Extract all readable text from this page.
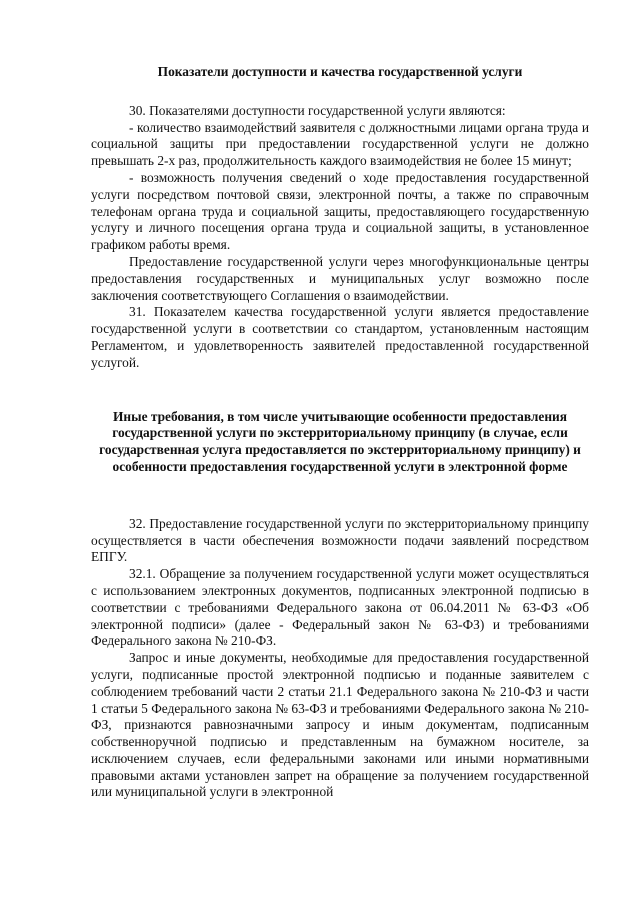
Показатели доступности и качества государственной услуги

30. Показателями доступности государственной услуги являются:

- количество взаимодействий заявителя с должностными лицами органа труда и социальной защиты при предоставлении государственной услуги не должно превышать 2-х раз, продолжительность каждого взаимодействия не более 15 минут;

- возможность получения сведений о ходе предоставления государственной услуги посредством почтовой связи, электронной почты, а также по справочным телефонам органа труда и социальной защиты, предоставляющего государственную услугу и личного посещения органа труда и социальной защиты, в установленное графиком работы время.

Предоставление государственной услуги через многофункциональные центры предоставления государственных и муниципальных услуг возможно после заключения соответствующего Соглашения о взаимодействии.

31. Показателем качества государственной услуги является предоставление государственной услуги в соответствии со стандартом, установленным настоящим Регламентом, и удовлетворенность заявителей предоставленной государственной услугой.

Иные требования, в том числе учитывающие особенности предоставления государственной услуги по экстерриториальному принципу (в случае, если государственная услуга предоставляется по экстерриториальному принципу) и особенности предоставления государственной услуги в электронной форме

32. Предоставление государственной услуги по экстерриториальному принципу осуществляется в части обеспечения возможности подачи заявлений посредством ЕПГУ.

32.1. Обращение за получением государственной услуги может осуществляться с использованием электронных документов, подписанных электронной подписью в соответствии с требованиями Федерального закона от 06.04.2011 № 63-ФЗ «Об электронной подписи» (далее - Федеральный закон № 63-ФЗ) и требованиями Федерального закона № 210-ФЗ.

Запрос и иные документы, необходимые для предоставления государственной услуги, подписанные простой электронной подписью и поданные заявителем с соблюдением требований части 2 статьи 21.1 Федерального закона № 210-ФЗ и части 1 статьи 5 Федерального закона № 63-ФЗ и требованиями Федерального закона № 210-ФЗ, признаются равнозначными запросу и иным документам, подписанным собственноручной подписью и представленным на бумажном носителе, за исключением случаев, если федеральными законами или иными нормативными правовыми актами установлен запрет на обращение за получением государственной или муниципальной услуги в электронной
